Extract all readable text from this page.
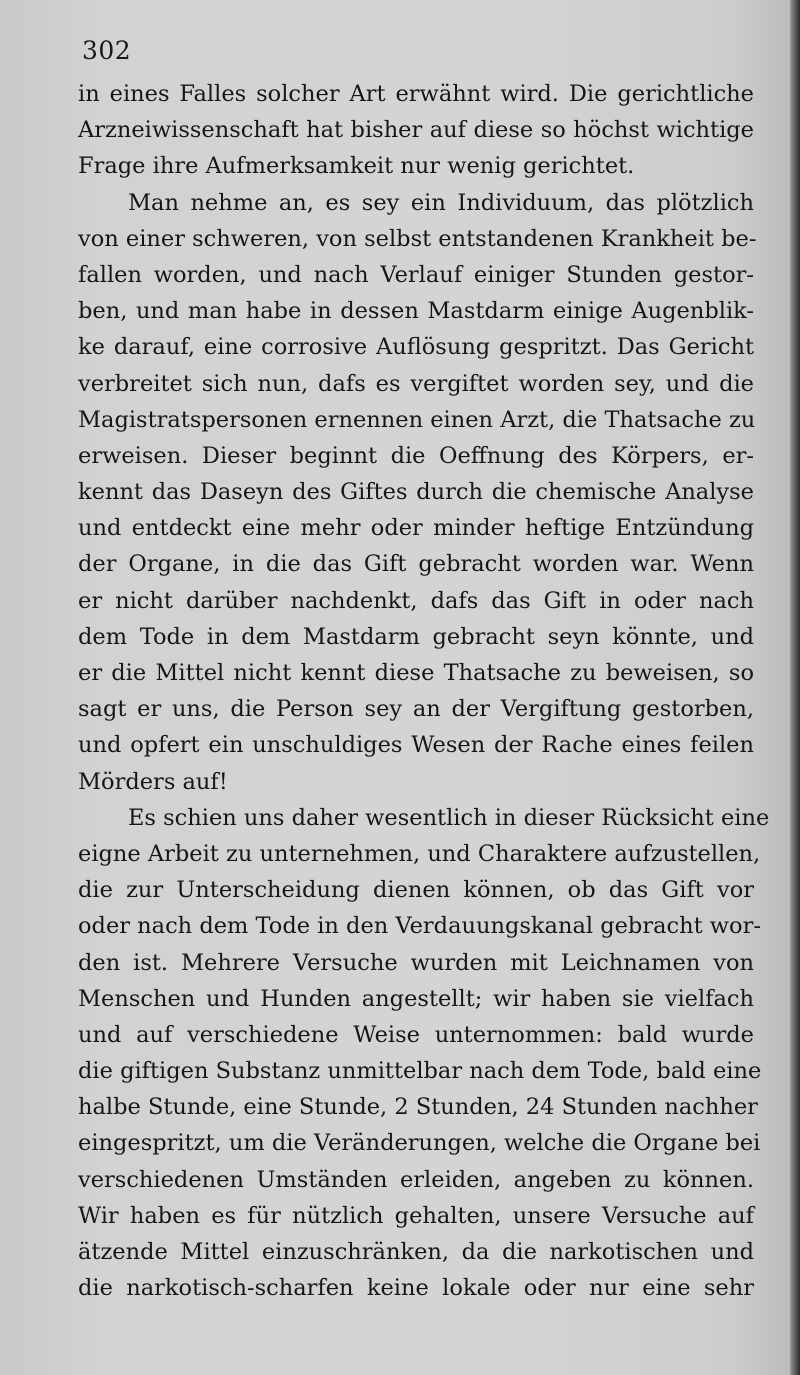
302
in eines Falles solcher Art erwähnt wird. Die gerichtliche
Arzneiwissenschaft hat bisher auf diese so höchst wichtige
Frage ihre Aufmerksamkeit nur wenig gerichtet.
Man nehme an, es sey ein Individuum, das plötzlich
von einer schweren, von selbst entstandenen Krankheit be-
fallen worden, und nach Verlauf einiger Stunden gestor-
ben, und man habe in dessen Mastdarm einige Augenblik-
ke darauf, eine corrosive Auflösung gespritzt. Das Gericht
verbreitet sich nun, dafs es vergiftet worden sey, und die
Magistratspersonen ernennen einen Arzt, die Thatsache zu
erweisen. Dieser beginnt die Oeffnung des Körpers, er-
kennt das Daseyn des Giftes durch die chemische Analyse
und entdeckt eine mehr oder minder heftige Entzündung
der Organe, in die das Gift gebracht worden war. Wenn
er nicht darüber nachdenkt, dafs das Gift in oder nach
dem Tode in dem Mastdarm gebracht seyn könnte, und
er die Mittel nicht kennt diese Thatsache zu beweisen, so
sagt er uns, die Person sey an der Vergiftung gestorben,
und opfert ein unschuldiges Wesen der Rache eines feilen
Mörders auf!
Es schien uns daher wesentlich in dieser Rücksicht eine
eigne Arbeit zu unternehmen, und Charaktere aufzustellen,
die zur Unterscheidung dienen können, ob das Gift vor
oder nach dem Tode in den Verdauungskanal gebracht wor-
den ist. Mehrere Versuche wurden mit Leichnamen von
Menschen und Hunden angestellt; wir haben sie vielfach
und auf verschiedene Weise unternommen: bald wurde
die giftigen Substanz unmittelbar nach dem Tode, bald eine
halbe Stunde, eine Stunde, 2 Stunden, 24 Stunden nachher
eingespritzt, um die Veränderungen, welche die Organe bei
verschiedenen Umständen erleiden, angeben zu können.
Wir haben es für nützlich gehalten, unsere Versuche auf
ätzende Mittel einzuschränken, da die narkotischen und
die narkotisch-scharfen keine lokale oder nur eine sehr
